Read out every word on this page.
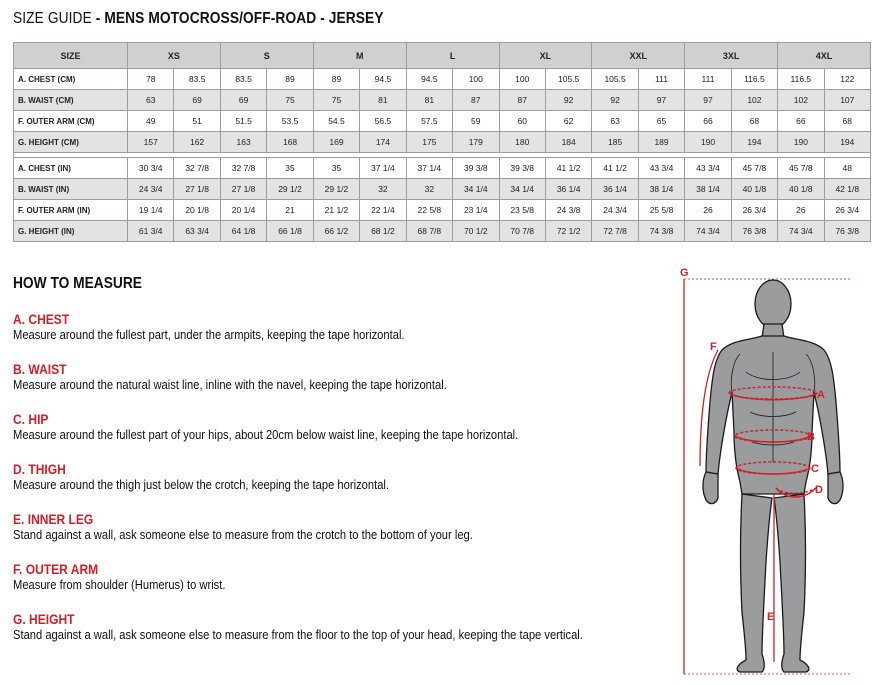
SIZE GUIDE - MENS MOTOCROSS/OFF-ROAD - JERSEY
SIZE	XS		S		M		L		XL		XXL		3XL		4XL	
A. CHEST (CM)	78	83.5	83.5	89	89	94.5	94.5	100	100	105.5	105.5	111	111	116.5	116.5	122
B. WAIST (CM)	63	69	69	75	75	81	81	87	87	92	92	97	97	102	102	107
F. OUTER ARM (CM)	49	51	51.5	53.5	54.5	56.5	57.5	59	60	62	63	65	66	68	66	68
G. HEIGHT (CM)	157	162	163	168	169	174	175	179	180	184	185	189	190	194	190	194

A. CHEST (IN)	30 3/4	32 7/8	32 7/8	35	35	37 1/4	37 1/4	39 3/8	39 3/8	41 1/2	41 1/2	43 3/4	43 3/4	45 7/8	45 7/8	48
B. WAIST (IN)	24 3/4	27 1/8	27 1/8	29 1/2	29 1/2	32	32	34 1/4	34 1/4	36 1/4	36 1/4	38 1/4	38 1/4	40 1/8	40 1/8	42 1/8
F. OUTER ARM (IN)	19 1/4	20 1/8	20 1/4	21	21 1/2	22 1/4	22 5/8	23 1/4	23 5/8	24 3/8	24 3/4	25 5/8	26	26 3/4	26	26 3/4
G. HEIGHT (IN)	61 3/4	63 3/4	64 1/8	66 1/8	66 1/2	68 1/2	68 7/8	70 1/2	70 7/8	72 1/2	72 7/8	74 3/8	74 3/4	76 3/8	74 3/4	76 3/8
HOW TO MEASURE
A. CHEST
Measure around the fullest part, under the armpits, keeping the tape horizontal.
B. WAIST
Measure around the natural waist line, inline with the navel, keeping the tape horizontal.
C. HIP
Measure around the fullest part of your hips, about 20cm below waist line, keeping the tape horizontal.
D. THIGH
Measure around the thigh just below the crotch, keeping the tape horizontal.
E. INNER LEG
Stand against a wall, ask someone else to measure from the crotch to the bottom of your leg.
F. OUTER ARM
Measure from shoulder (Humerus) to wrist.
G. HEIGHT
Stand against a wall, ask someone else to measure from the floor to the top of your head, keeping the tape vertical.
G
F
E
A
B
C
D
